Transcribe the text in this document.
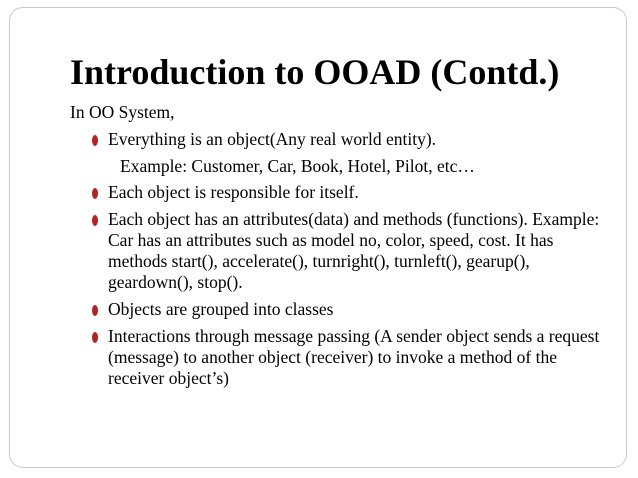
Introduction to OOAD (Contd.)

In OO System,

Everything is an object(Any real world entity).

Example: Customer, Car, Book, Hotel, Pilot, etc…

Each object is responsible for itself.
Each object has an attributes(data) and methods (functions). Example: Car has an attributes such as model no, color, speed, cost. It has methods start(), accelerate(), turnright(), turnleft(), gearup(), geardown(), stop().
Objects are grouped into classes
Interactions through message passing (A sender object sends a request (message) to another object (receiver) to invoke a method of the receiver object’s)
